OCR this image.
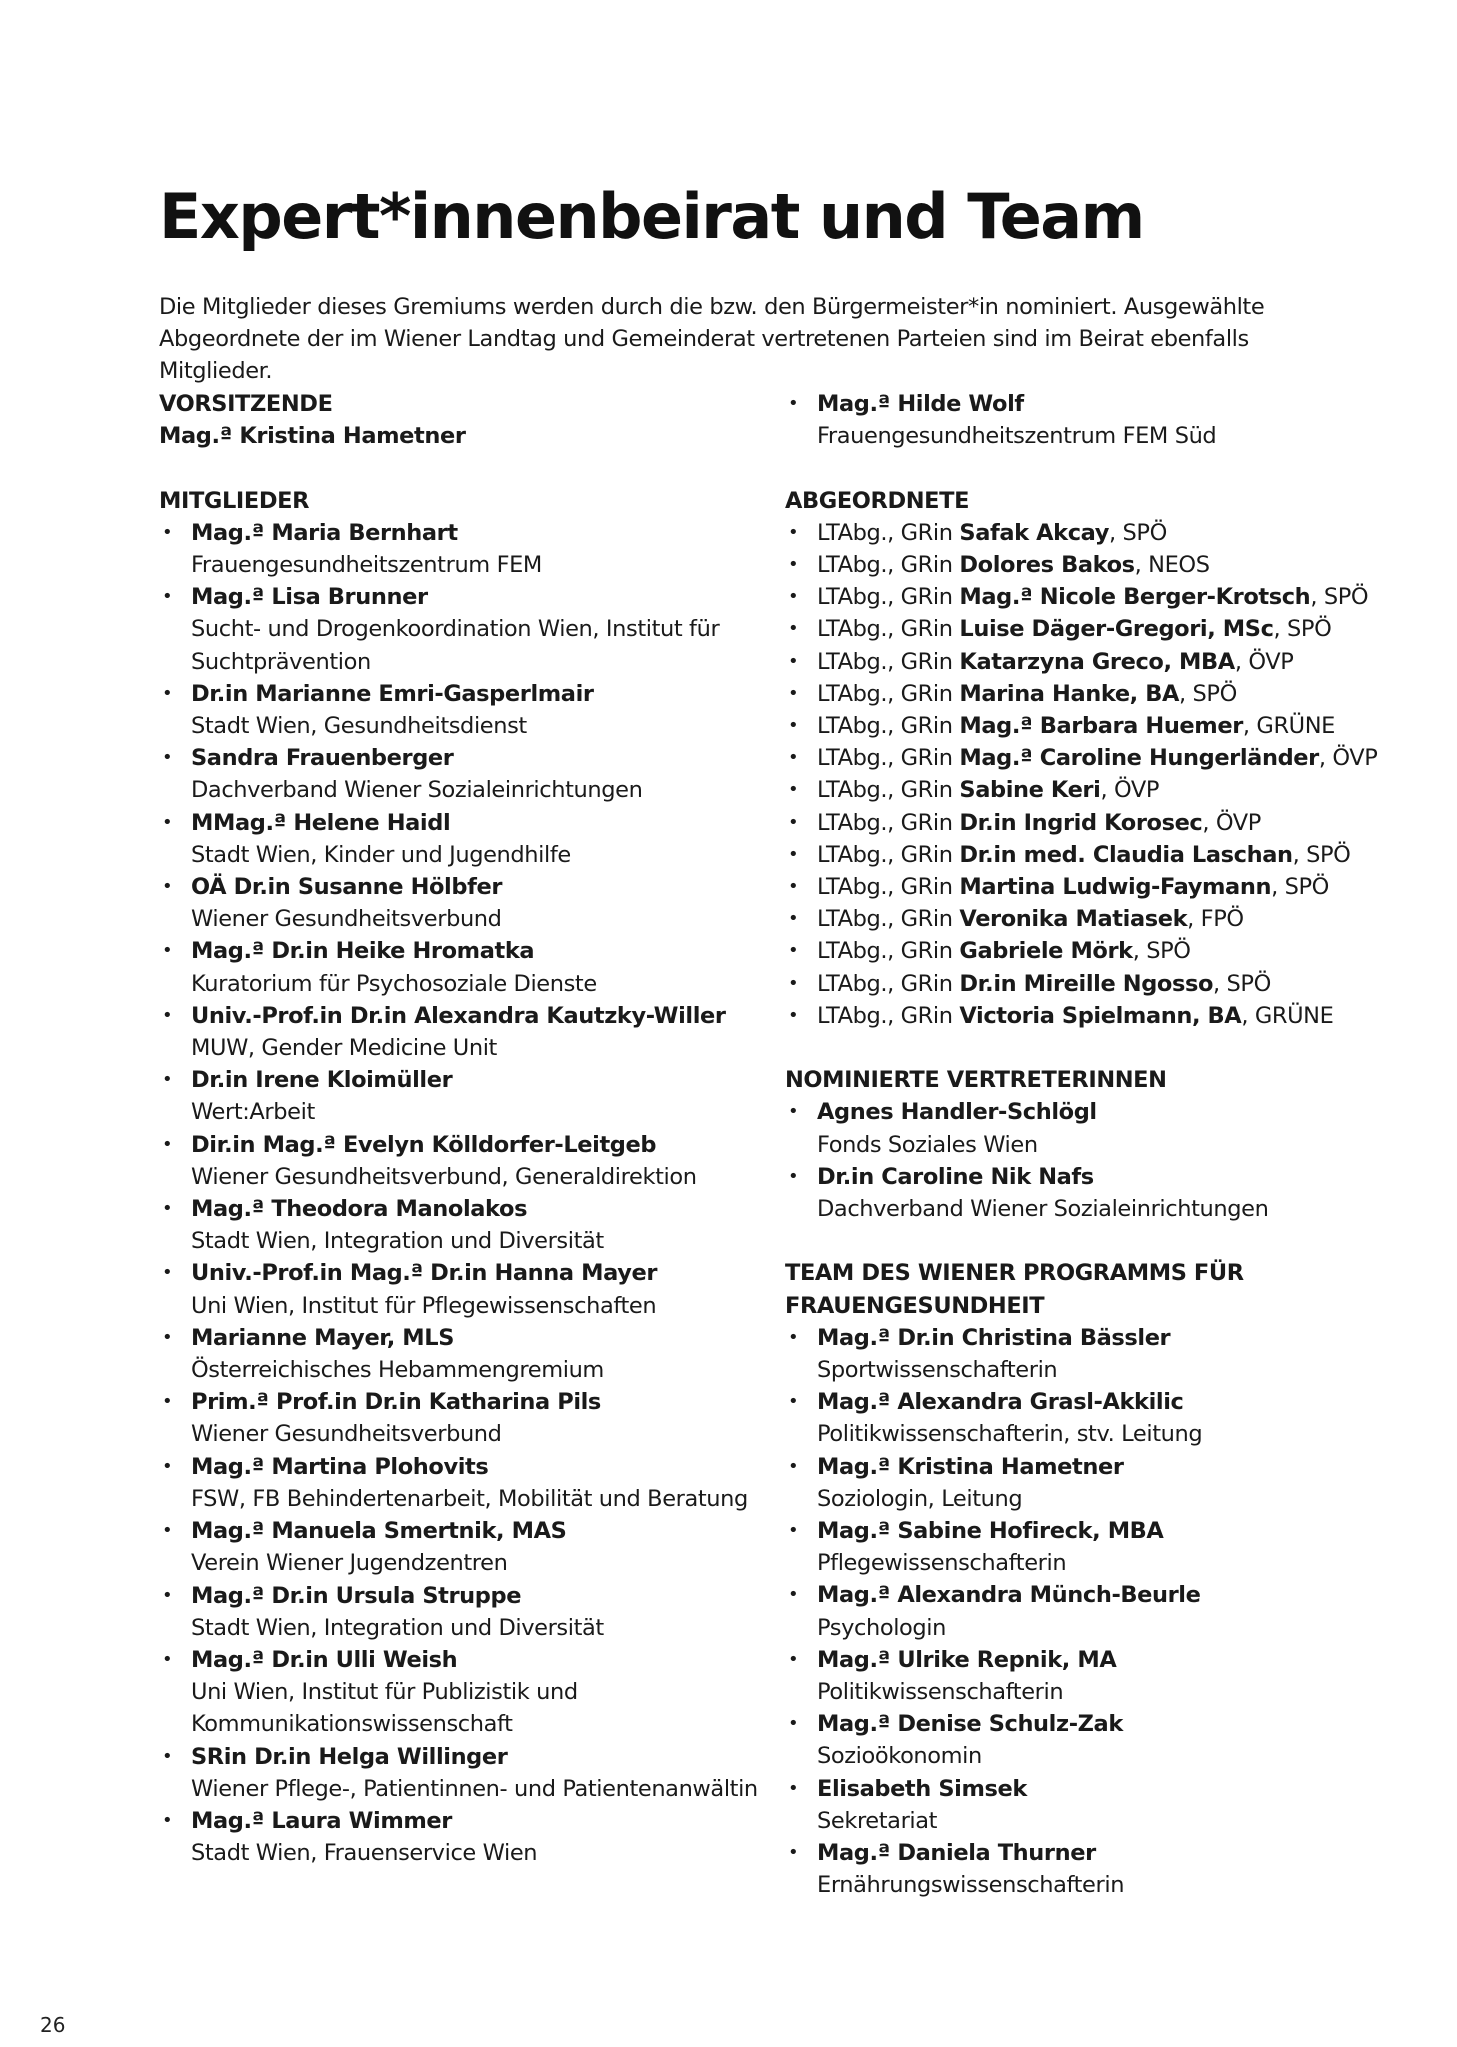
Expert*innenbeirat und Team

Die Mitglieder dieses Gremiums werden durch die bzw. den Bürgermeister*in nominiert. Ausgewählte Abgeordnete der im Wiener Landtag und Gemeinderat vertretenen Parteien sind im Beirat ebenfalls Mitglieder.

VORSITZENDE

Mag.ª Kristina Hametner

MITGLIEDER

• Mag.ª Maria Bernhart
Frauengesundheitszentrum FEM
• Mag.ª Lisa Brunner
Sucht- und Drogenkoordination Wien, Institut für Suchtprävention
• Dr.in Marianne Emri-Gasperlmair
Stadt Wien, Gesundheitsdienst
• Sandra Frauenberger
Dachverband Wiener Sozialeinrichtungen
• MMag.ª Helene Haidl
Stadt Wien, Kinder und Jugendhilfe
• OÄ Dr.in Susanne Hölbfer
Wiener Gesundheitsverbund
• Mag.ª Dr.in Heike Hromatka
Kuratorium für Psychosoziale Dienste
• Univ.-Prof.in Dr.in Alexandra Kautzky-Willer
MUW, Gender Medicine Unit
• Dr.in Irene Kloimüller
Wert:Arbeit
• Dir.in Mag.ª Evelyn Kölldorfer-Leitgeb
Wiener Gesundheitsverbund, Generaldirektion
• Mag.ª Theodora Manolakos
Stadt Wien, Integration und Diversität
• Univ.-Prof.in Mag.ª Dr.in Hanna Mayer
Uni Wien, Institut für Pflegewissenschaften
• Marianne Mayer, MLS
Österreichisches Hebammengremium
• Prim.ª Prof.in Dr.in Katharina Pils
Wiener Gesundheitsverbund
• Mag.ª Martina Plohovits
FSW, FB Behindertenarbeit, Mobilität und Beratung
• Mag.ª Manuela Smertnik, MAS
Verein Wiener Jugendzentren
• Mag.ª Dr.in Ursula Struppe
Stadt Wien, Integration und Diversität
• Mag.ª Dr.in Ulli Weish
Uni Wien, Institut für Publizistik und Kommunikationswissenschaft
• SRin Dr.in Helga Willinger
Wiener Pflege-, Patientinnen- und Patientenanwältin
• Mag.ª Laura Wimmer
Stadt Wien, Frauenservice Wien
• Mag.ª Hilde Wolf
Frauengesundheitszentrum FEM Süd

ABGEORDNETE

• LTAbg., GRin Safak Akcay, SPÖ
• LTAbg., GRin Dolores Bakos, NEOS
• LTAbg., GRin Mag.ª Nicole Berger-Krotsch, SPÖ
• LTAbg., GRin Luise Däger-Gregori, MSc, SPÖ
• LTAbg., GRin Katarzyna Greco, MBA, ÖVP
• LTAbg., GRin Marina Hanke, BA, SPÖ
• LTAbg., GRin Mag.ª Barbara Huemer, GRÜNE
• LTAbg., GRin Mag.ª Caroline Hungerländer, ÖVP
• LTAbg., GRin Sabine Keri, ÖVP
• LTAbg., GRin Dr.in Ingrid Korosec, ÖVP
• LTAbg., GRin Dr.in med. Claudia Laschan, SPÖ
• LTAbg., GRin Martina Ludwig-Faymann, SPÖ
• LTAbg., GRin Veronika Matiasek, FPÖ
• LTAbg., GRin Gabriele Mörk, SPÖ
• LTAbg., GRin Dr.in Mireille Ngosso, SPÖ
• LTAbg., GRin Victoria Spielmann, BA, GRÜNE

NOMINIERTE VERTRETERINNEN

• Agnes Handler-Schlögl
Fonds Soziales Wien
• Dr.in Caroline Nik Nafs
Dachverband Wiener Sozialeinrichtungen

TEAM DES WIENER PROGRAMMS FÜR

FRAUENGESUNDHEIT

• Mag.ª Dr.in Christina Bässler
Sportwissenschafterin
• Mag.ª Alexandra Grasl-Akkilic
Politikwissenschafterin, stv. Leitung
• Mag.ª Kristina Hametner
Soziologin, Leitung
• Mag.ª Sabine Hofireck, MBA
Pflegewissenschafterin
• Mag.ª Alexandra Münch-Beurle
Psychologin
• Mag.ª Ulrike Repnik, MA
Politikwissenschafterin
• Mag.ª Denise Schulz-Zak
Sozioökonomin
• Elisabeth Simsek
Sekretariat
• Mag.ª Daniela Thurner
Ernährungswissenschafterin
26
